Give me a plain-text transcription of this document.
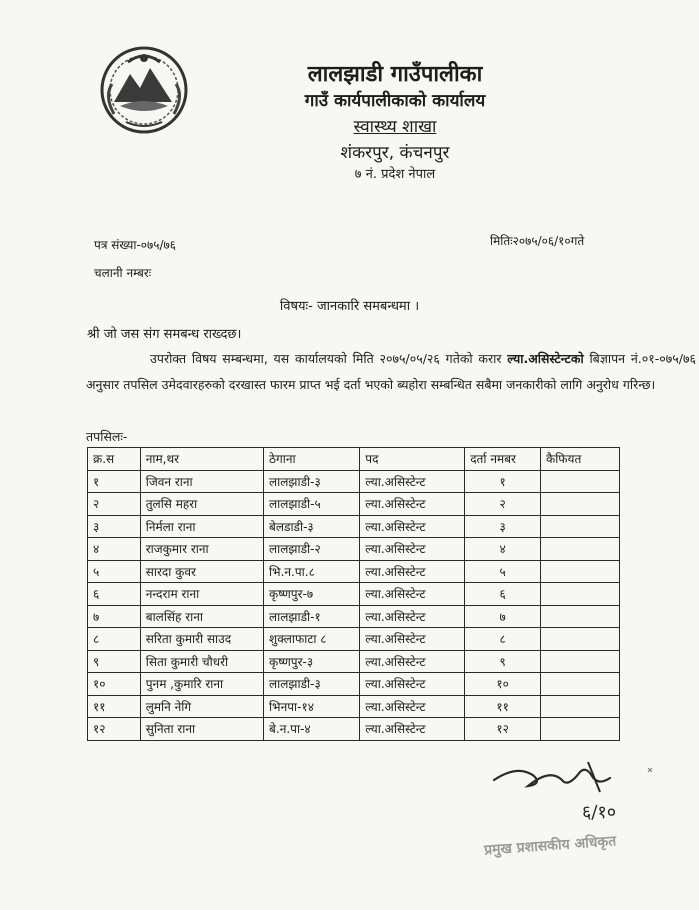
लालझाडी गाउँपालीका
गाउँ कार्यपालीकाको कार्यालय
स्वास्थ्य शाखा
शंकरपुर, कंचनपुर
७ नं. प्रदेश नेपाल
पत्र संख्या-०७५/७६
चलानी नम्बरः
मितिः२०७५/०६/१०गते
विषयः- जानकारि समबन्धमा ।
श्री जो जस संग समबन्ध राख्दछ।
उपरोक्त विषय सम्बन्धमा, यस कार्यालयको मिति २०७५/०५/२६ गतेको करार ल्या.असिस्टेन्टको बिज्ञापन नं.०१-०७५/७६ अनुसार तपसिल उमेदवारहरुको दरखास्त फारम प्राप्त भई दर्ता भएको ब्यहोरा सम्बन्धित सबैमा जनकारीको लागि अनुरोध गरिन्छ।
तपसिलः-
क्र.स	नाम,थर	ठेगाना	पद	दर्ता नमबर	कैफियत
१	जिवन राना	लालझाडी-३	ल्या.असिस्टेन्ट	१	
२	तुलसि महरा	लालझाडी-५	ल्या.असिस्टेन्ट	२	
३	निर्मला राना	बेलडाडी-३	ल्या.असिस्टेन्ट	३	
४	राजकुमार राना	लालझाडी-२	ल्या.असिस्टेन्ट	४	
५	सारदा कुवर	भि.न.पा.८	ल्या.असिस्टेन्ट	५	
६	नन्दराम राना	कृष्णपुर-७	ल्या.असिस्टेन्ट	६	
७	बालसिंह राना	लालझाडी-१	ल्या.असिस्टेन्ट	७	
८	सरिता कुमारी साउद	शुक्लाफाटा ८	ल्या.असिस्टेन्ट	८	
९	सिता कुमारी चौधरी	कृष्णपुर-३	ल्या.असिस्टेन्ट	९	
१०	पुनम ,कुमारि राना	लालझाडी-३	ल्या.असिस्टेन्ट	१०	
११	लुमनि नेगि	भिनपा-१४	ल्या.असिस्टेन्ट	११	
१२	सुनिता राना	बे.न.पा-४	ल्या.असिस्टेन्ट	१२	
६/१०
प्रमुख प्रशासकीय अधिकृत
